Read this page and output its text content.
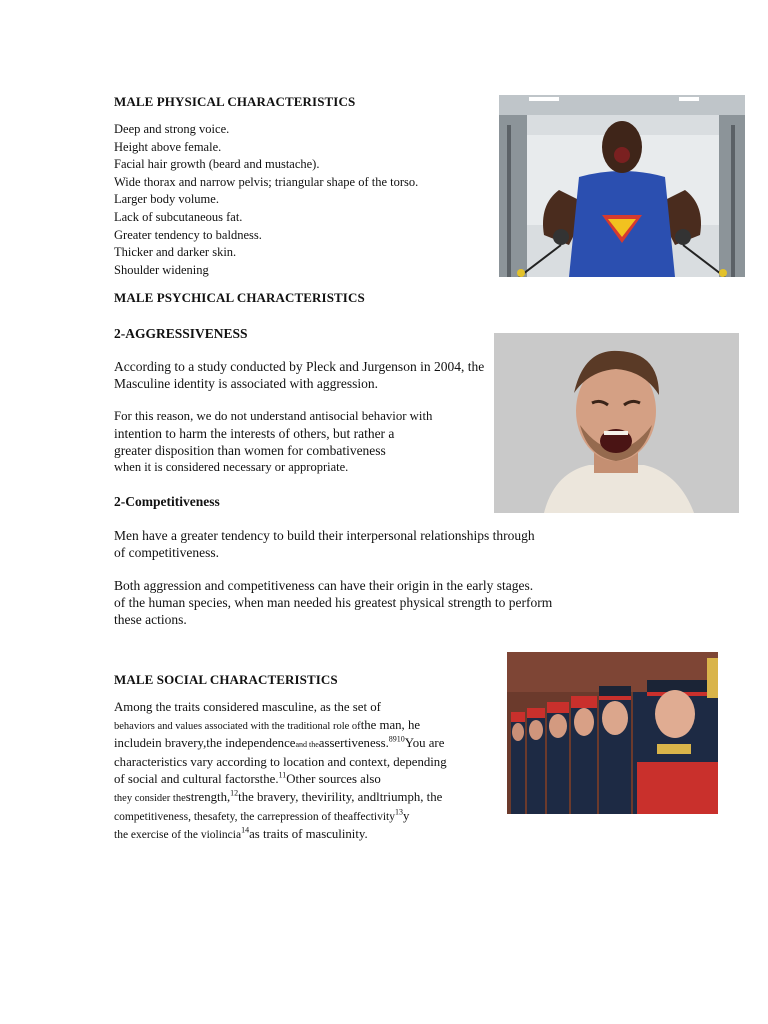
MALE PHYSICAL CHARACTERISTICS
Deep and strong voice.
Height above female.
Facial hair growth (beard and mustache).
Wide thorax and narrow pelvis; triangular shape of the torso.
Larger body volume.
Lack of subcutaneous fat.
Greater tendency to baldness.
Thicker and darker skin.
Shoulder widening
MALE PSYCHICAL CHARACTERISTICS
2-AGGRESSIVENESS
According to a study conducted by Pleck and Jurgenson in 2004, the
Masculine identity is associated with aggression.
For this reason, we do not understand antisocial behavior with
intention to harm the interests of others, but rather a
greater disposition than women for combativeness
when it is considered necessary or appropriate.
2-Competitiveness
Men have a greater tendency to build their interpersonal relationships through
of competitiveness.
Both aggression and competitiveness can have their origin in the early stages.
of the human species, when man needed his greatest physical strength to perform
these actions.
MALE SOCIAL CHARACTERISTICS
Among the traits considered masculine, as the set of
behaviors and values associated with the traditional role ofthe man, he
includein bravery,the independenceand theassertiveness.$^{8910}$You are
characteristics vary according to location and context, depending
of social and cultural factorsthe.$^{11}$Other sources also
they consider thestrength,$^{12}$the bravery, thevirility, andltriumph, the
competitiveness, thesafety, the carrepression of theaffectivity$^{13}$y
the exercise of the violincia$^{14}$as traits of masculinity.
